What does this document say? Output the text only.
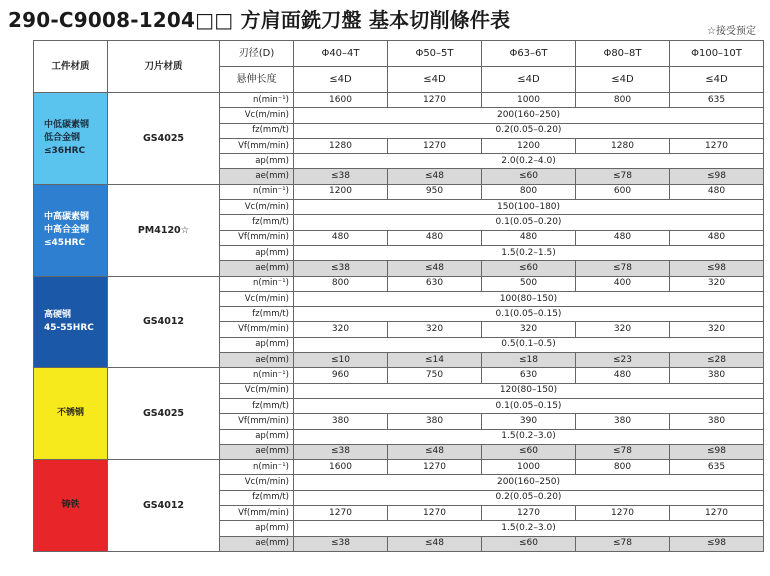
290-C9008-1204□□ 方肩面銑刀盤 基本切削條件表	☆接受预定
工件材质	刀片材质	刃径(D)	Φ40–4T	Φ50–5T	Φ63–6T	Φ80–8T	Φ100–10T
		悬伸长度	≤4D	≤4D	≤4D	≤4D	≤4D

中低碳素钢
低合金钢
≤36HRC	GS4025	n(min⁻¹)	1600	1270	1000	800	635
		Vc(m/min)	200(160–250)				
		fz(mm/t)	0.2(0.05–0.20)				
		Vf(mm/min)	1280	1270	1200	1280	1270
		ap(mm)	2.0(0.2–4.0)				
		ae(mm)	≤38	≤48	≤60	≤78	≤98

中高碳素钢
中高合金钢
≤45HRC	PM4120☆	n(min⁻¹)	1200	950	800	600	480
		Vc(m/min)	150(100–180)				
		fz(mm/t)	0.1(0.05–0.20)				
		Vf(mm/min)	480	480	480	480	480
		ap(mm)	1.5(0.2–1.5)				
		ae(mm)	≤38	≤48	≤60	≤78	≤98

高硬钢
45-55HRC	GS4012	n(min⁻¹)	800	630	500	400	320
		Vc(m/min)	100(80–150)				
		fz(mm/t)	0.1(0.05–0.15)				
		Vf(mm/min)	320	320	320	320	320
		ap(mm)	0.5(0.1–0.5)				
		ae(mm)	≤10	≤14	≤18	≤23	≤28

不锈钢	GS4025	n(min⁻¹)	960	750	630	480	380
		Vc(m/min)	120(80–150)				
		fz(mm/t)	0.1(0.05–0.15)				
		Vf(mm/min)	380	380	390	380	380
		ap(mm)	1.5(0.2–3.0)				
		ae(mm)	≤38	≤48	≤60	≤78	≤98

铸铁	GS4012	n(min⁻¹)	1600	1270	1000	800	635
		Vc(m/min)	200(160–250)				
		fz(mm/t)	0.2(0.05–0.20)				
		Vf(mm/min)	1270	1270	1270	1270	1270
		ap(mm)	1.5(0.2–3.0)				
		ae(mm)	≤38	≤48	≤60	≤78	≤98
